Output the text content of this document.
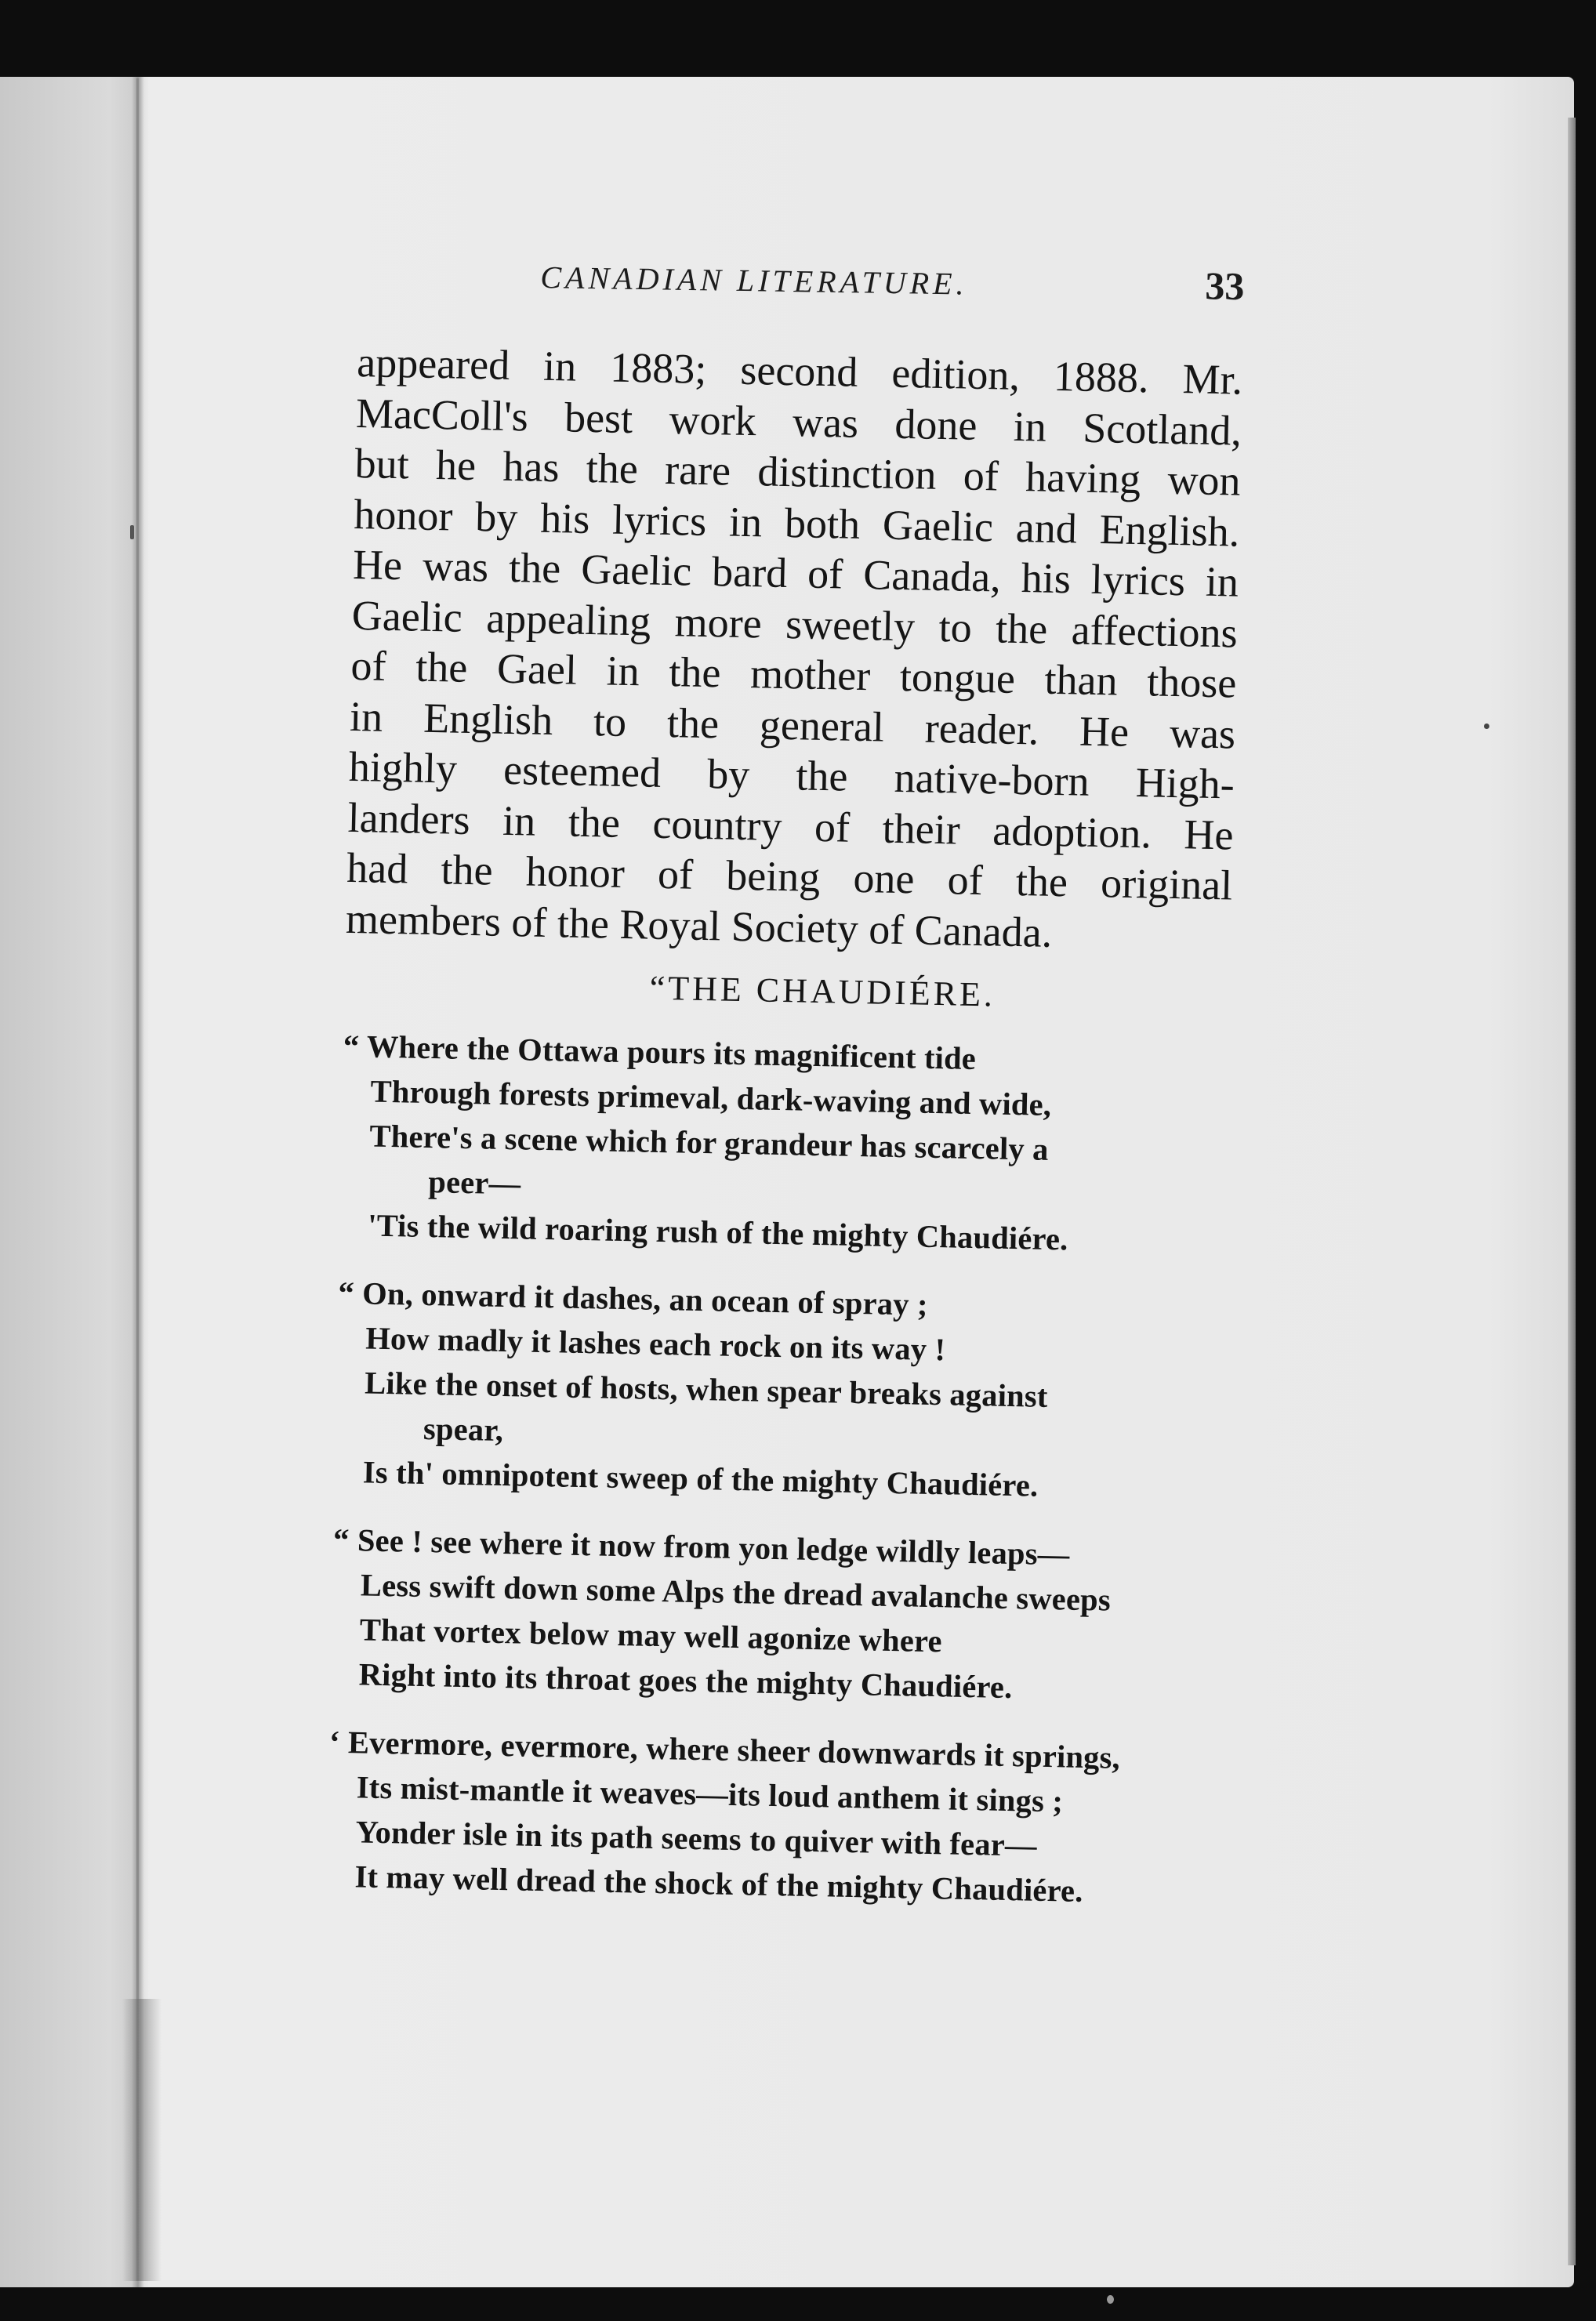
CANADIAN LITERATURE.	33
appeared in 1883; second edition, 1888. Mr.
MacColl's best work was done in Scotland,
but he has the rare distinction of having won
honor by his lyrics in both Gaelic and English.
He was the Gaelic bard of Canada, his lyrics in
Gaelic appealing more sweetly to the affections
of the Gael in the mother tongue than those
in English to the general reader. He was
highly esteemed by the native-born High-
landers in the country of their adoption. He
had the honor of being one of the original
members of the Royal Society of Canada.
“THE CHAUDIÉRE.
“ Where the Ottawa pours its magnificent tide
Through forests primeval, dark-waving and wide,
There's a scene which for grandeur has scarcely a
peer—
'Tis the wild roaring rush of the mighty Chaudiére.
“ On, onward it dashes, an ocean of spray ;
How madly it lashes each rock on its way !
Like the onset of hosts, when spear breaks against
spear,
Is th' omnipotent sweep of the mighty Chaudiére.
“ See ! see where it now from yon ledge wildly leaps—
Less swift down some Alps the dread avalanche sweeps
That vortex below may well agonize where
Right into its throat goes the mighty Chaudiére.
‘ Evermore, evermore, where sheer downwards it springs,
Its mist-mantle it weaves—its loud anthem it sings ;
Yonder isle in its path seems to quiver with fear—
It may well dread the shock of the mighty Chaudiére.
